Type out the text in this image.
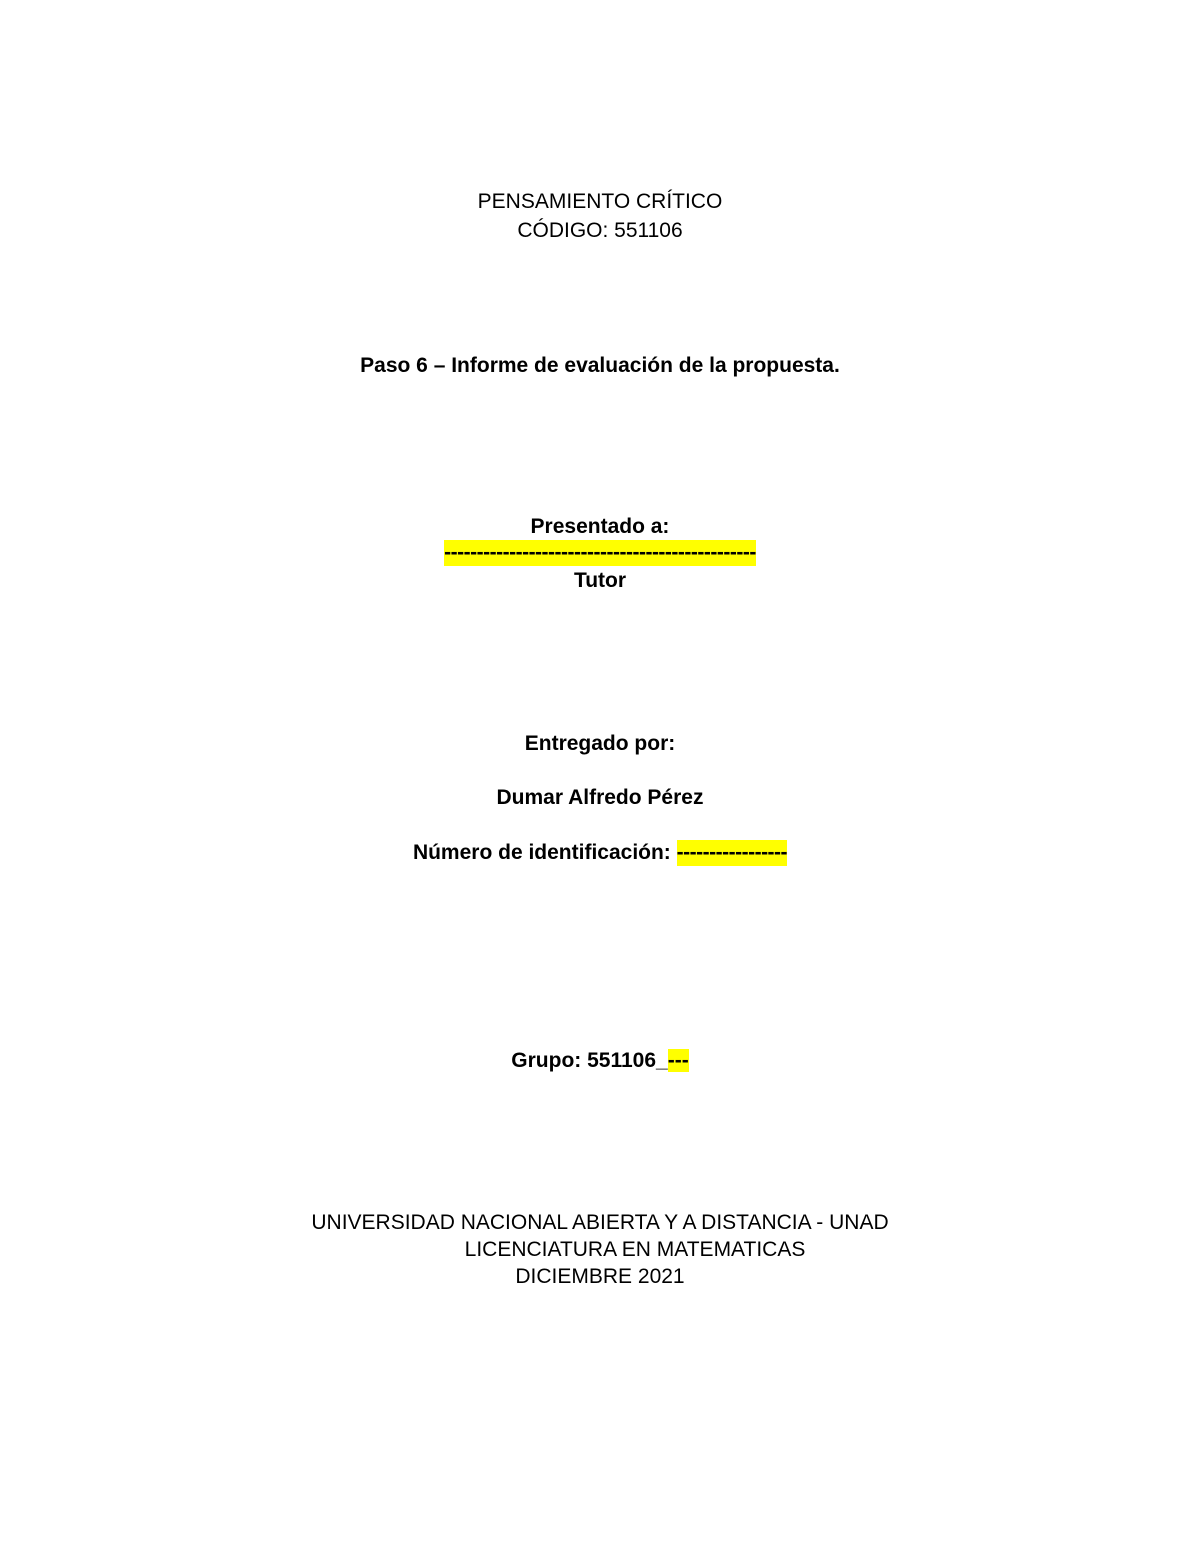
PENSAMIENTO CRÍTICO
CÓDIGO: 551106
Paso 6 – Informe de evaluación de la propuesta.
Presentado a:
------------------------------------------------
Tutor
Entregado por:
Dumar Alfredo Pérez
Número de identificación: -----------------
Grupo: 551106_---
UNIVERSIDAD NACIONAL ABIERTA Y A DISTANCIA - UNAD
LICENCIATURA EN MATEMATICAS
DICIEMBRE 2021
